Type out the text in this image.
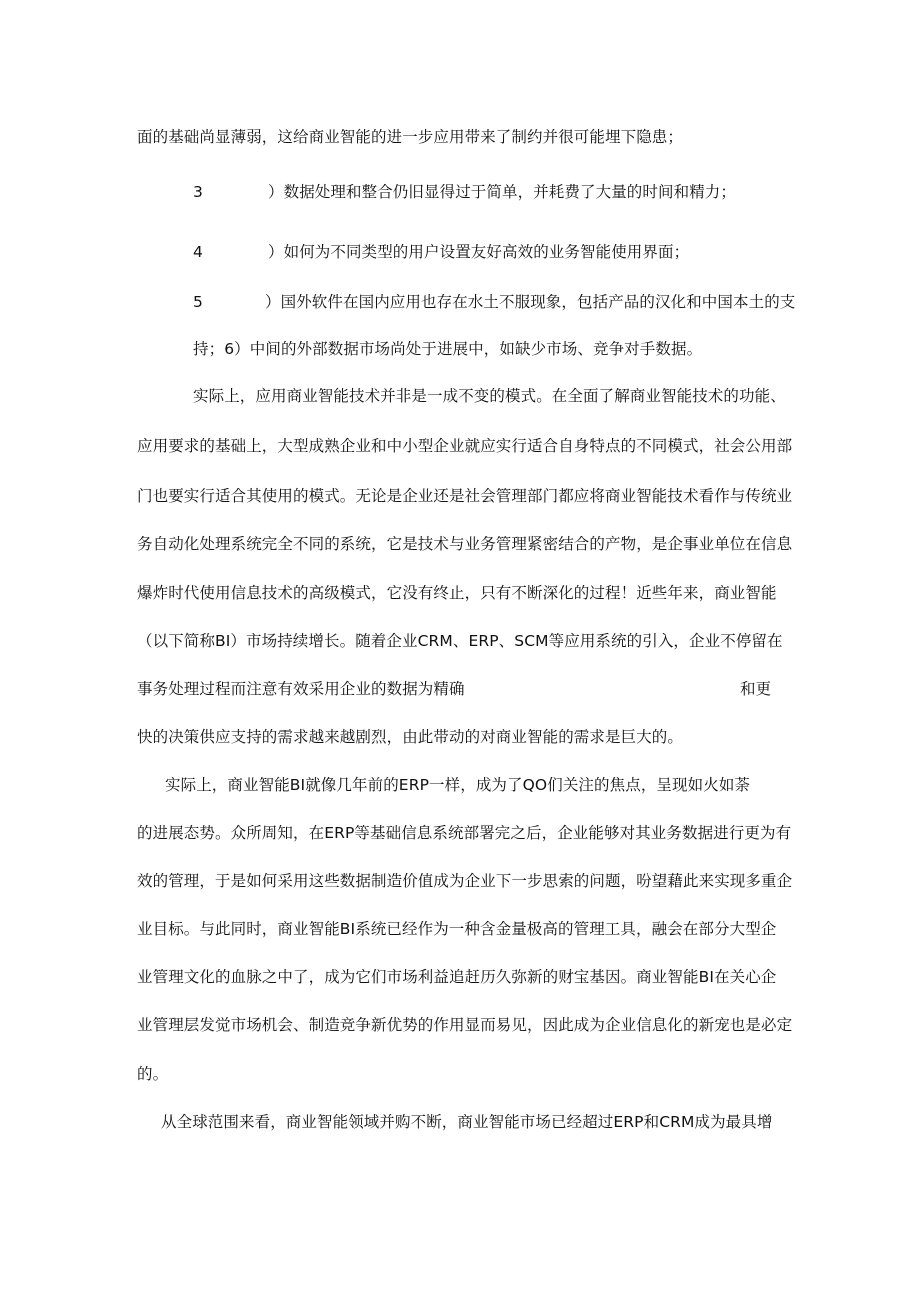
面的基础尚显薄弱，这给商业智能的进一步应用带来了制约并很可能埋下隐患；
3	）数据处理和整合仍旧显得过于简单，并耗费了大量的时间和精力；
4	）如何为不同类型的用户设置友好高效的业务智能使用界面；
5	）国外软件在国内应用也存在水土不服现象，包括产品的汉化和中国本土的支
持；6）中间的外部数据市场尚处于进展中，如缺少市场、竞争对手数据。
实际上，应用商业智能技术并非是一成不变的模式。在全面了解商业智能技术的功能、
应用要求的基础上，大型成熟企业和中小型企业就应实行适合自身特点的不同模式，社会公用部
门也要实行适合其使用的模式。无论是企业还是社会管理部门都应将商业智能技术看作与传统业
务自动化处理系统完全不同的系统，它是技术与业务管理紧密结合的产物，是企事业单位在信息
爆炸时代使用信息技术的高级模式，它没有终止，只有不断深化的过程！近些年来，商业智能
（以下简称BI）市场持续增长。随着企业CRM、ERP、SCM等应用系统的引入，企业不停留在
事务处理过程而注意有效采用企业的数据为精确	和更
快的决策供应支持的需求越来越剧烈，由此带动的对商业智能的需求是巨大的。
实际上，商业智能BI就像几年前的ERP一样，成为了QO们关注的焦点，呈现如火如荼
的进展态势。众所周知，在ERP等基础信息系统部署完之后，企业能够对其业务数据进行更为有
效的管理，于是如何采用这些数据制造价值成为企业下一步思索的问题，吩望藉此来实现多重企
业目标。与此同时，商业智能BI系统已经作为一种含金量极高的管理工具，融会在部分大型企
业管理文化的血脉之中了，成为它们市场利益追赶历久弥新的财宝基因。商业智能BI在关心企
业管理层发觉市场机会、制造竞争新优势的作用显而易见，因此成为企业信息化的新宠也是必定
的。
从全球范围来看，商业智能领域并购不断，商业智能市场已经超过ERP和CRM成为最具增
